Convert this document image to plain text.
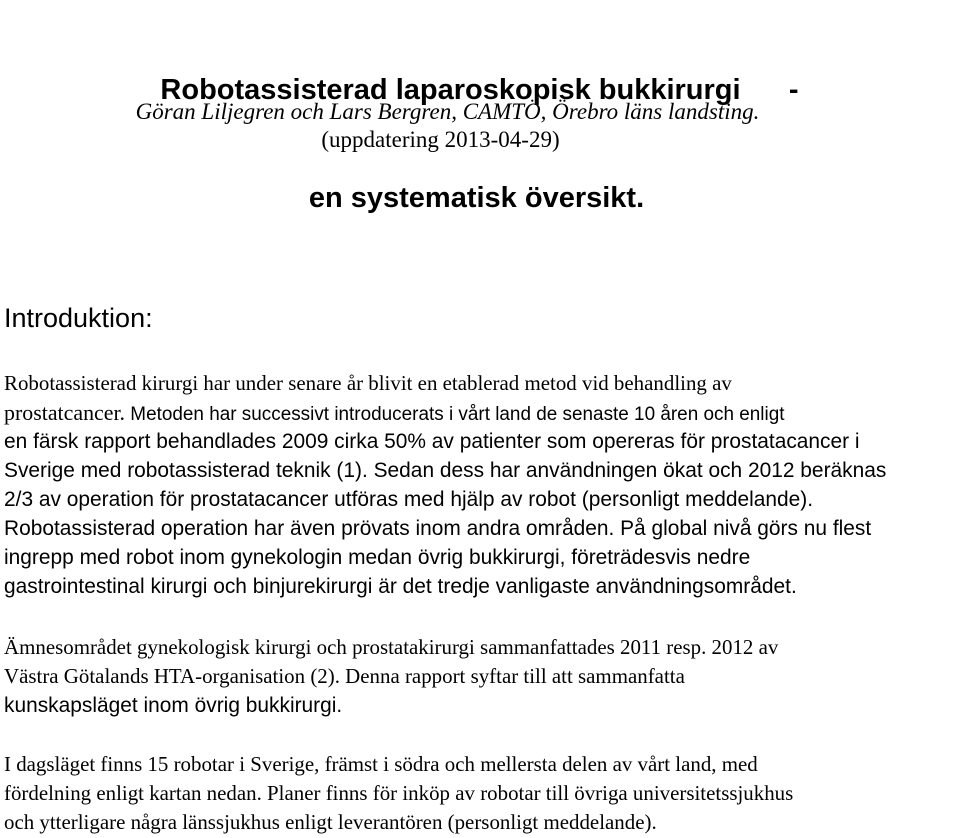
Robotassisterad laparoskopisk bukkirurgi      -

en systematisk översikt.

Göran Liljegren och Lars Bergren, CAMTÖ, Örebro läns landsting.
(uppdatering 2013-04-29)
Introduktion:

Robotassisterad kirurgi har under senare år blivit en etablerad metod vid behandling av
prostatcancer. Metoden har successivt introducerats i vårt land de senaste 10 åren och enligt
en färsk rapport behandlades 2009 cirka 50% av patienter som opereras för prostatacancer i
Sverige med robotassisterad teknik (1). Sedan dess har användningen ökat och 2012 beräknas
2/3 av operation för prostatacancer utföras med hjälp av robot (personligt meddelande).
Robotassisterad operation har även prövats inom andra områden. På global nivå görs nu flest
ingrepp med robot inom gynekologin medan övrig bukkirurgi, företrädesvis nedre
gastrointestinal kirurgi och binjurekirurgi är det tredje vanligaste användningsområdet.

Ämnesområdet gynekologisk kirurgi och prostatakirurgi sammanfattades 2011 resp. 2012 av
Västra Götalands HTA-organisation (2). Denna rapport syftar till att sammanfatta
kunskapsläget inom övrig bukkirurgi.

I dagsläget finns 15 robotar i Sverige, främst i södra och mellersta delen av vårt land, med
fördelning enligt kartan nedan. Planer finns för inköp av robotar till övriga universitetssjukhus
och ytterligare några länssjukhus enligt leverantören (personligt meddelande).
